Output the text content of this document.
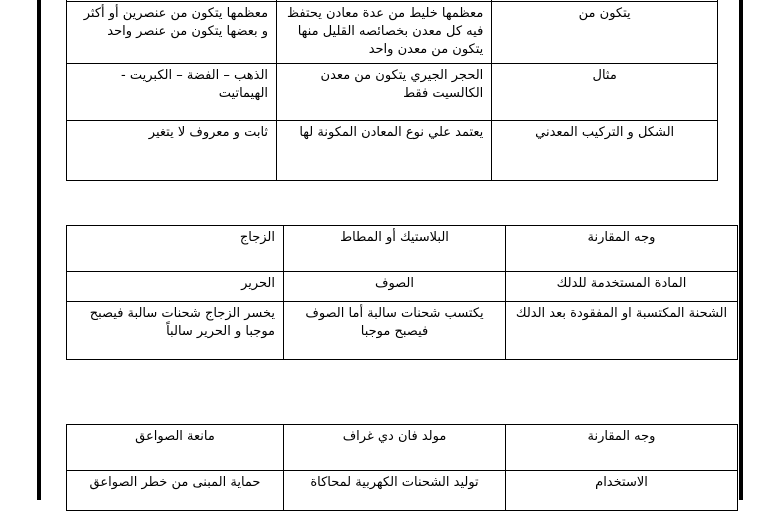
يتكون من	معظمها خليط من عدة معادن يحتفظ فيه كل معدن بخصائصه القليل منها يتكون من معدن واحد	معظمها يتكون من عنصرين أو أكثر و بعضها يتكون من عنصر واحد
مثال	الحجر الجيري يتكون من معدن الكالسيت فقط	الذهب – الفضة – الكبريت - الهيماتيت
الشكل و التركيب المعدني	يعتمد علي نوع المعادن المكونة لها	ثابت و معروف لا يتغير
وجه المقارنة	البلاستيك أو المطاط	الزجاج
المادة المستخدمة للدلك	الصوف	الحرير
الشحنة المكتسبة او المفقودة بعد الدلك	يكتسب شحنات سالبة أما الصوف فيصبح موجبا	يخسر الزجاج شحنات سالبة فيصبح موجبا و الحرير سالباً
وجه المقارنة	مولد فان دي غراف	مانعة الصواعق
الاستخدام	توليد الشحنات الكهربية لمحاكاة	حماية المبنى من خطر الصواعق
